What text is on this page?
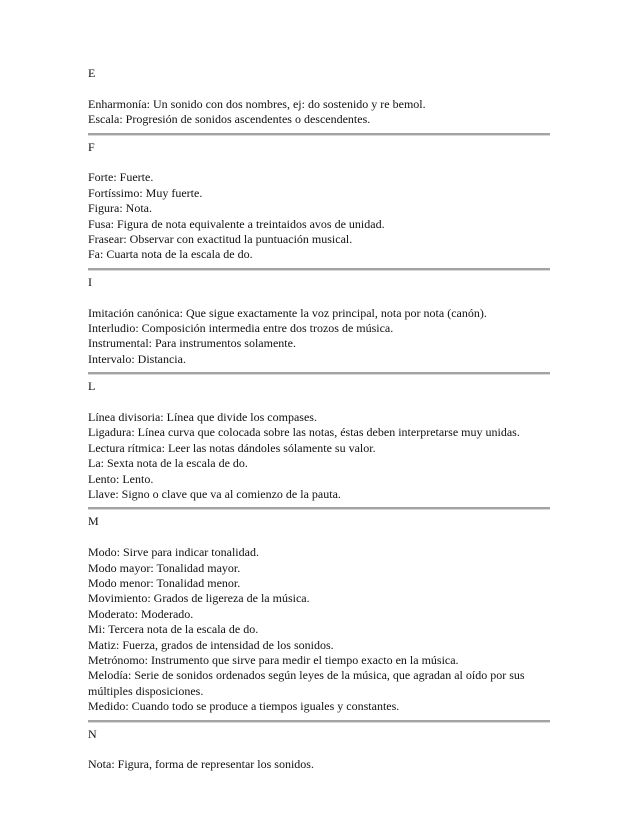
E
Enharmonía: Un sonido con dos nombres, ej: do sostenido y re bemol.
Escala: Progresión de sonidos ascendentes o descendentes.
F
Forte: Fuerte.
Fortíssimo: Muy fuerte.
Figura: Nota.
Fusa: Figura de nota equivalente a treintaidos avos de unidad.
Frasear: Observar con exactitud la puntuación musical.
Fa: Cuarta nota de la escala de do.
I
Imitación canónica: Que sigue exactamente la voz principal, nota por nota (canón).
Interludio: Composición intermedia entre dos trozos de música.
Instrumental: Para instrumentos solamente.
Intervalo: Distancia.
L
Línea divisoria: Línea que divide los compases.
Ligadura: Línea curva que colocada sobre las notas, éstas deben interpretarse muy unidas.
Lectura rítmica: Leer las notas dándoles sólamente su valor.
La: Sexta nota de la escala de do.
Lento: Lento.
Llave: Signo o clave que va al comienzo de la pauta.
M
Modo: Sirve para indicar tonalidad.
Modo mayor: Tonalidad mayor.
Modo menor: Tonalidad menor.
Movimiento: Grados de ligereza de la música.
Moderato: Moderado.
Mi: Tercera nota de la escala de do.
Matiz: Fuerza, grados de intensidad de los sonidos.
Metrónomo: Instrumento que sirve para medir el tiempo exacto en la música.
Melodía: Serie de sonidos ordenados según leyes de la música, que agradan al oído por sus múltiples disposiciones.
Medido: Cuando todo se produce a tiempos iguales y constantes.
N
Nota: Figura, forma de representar los sonidos.
